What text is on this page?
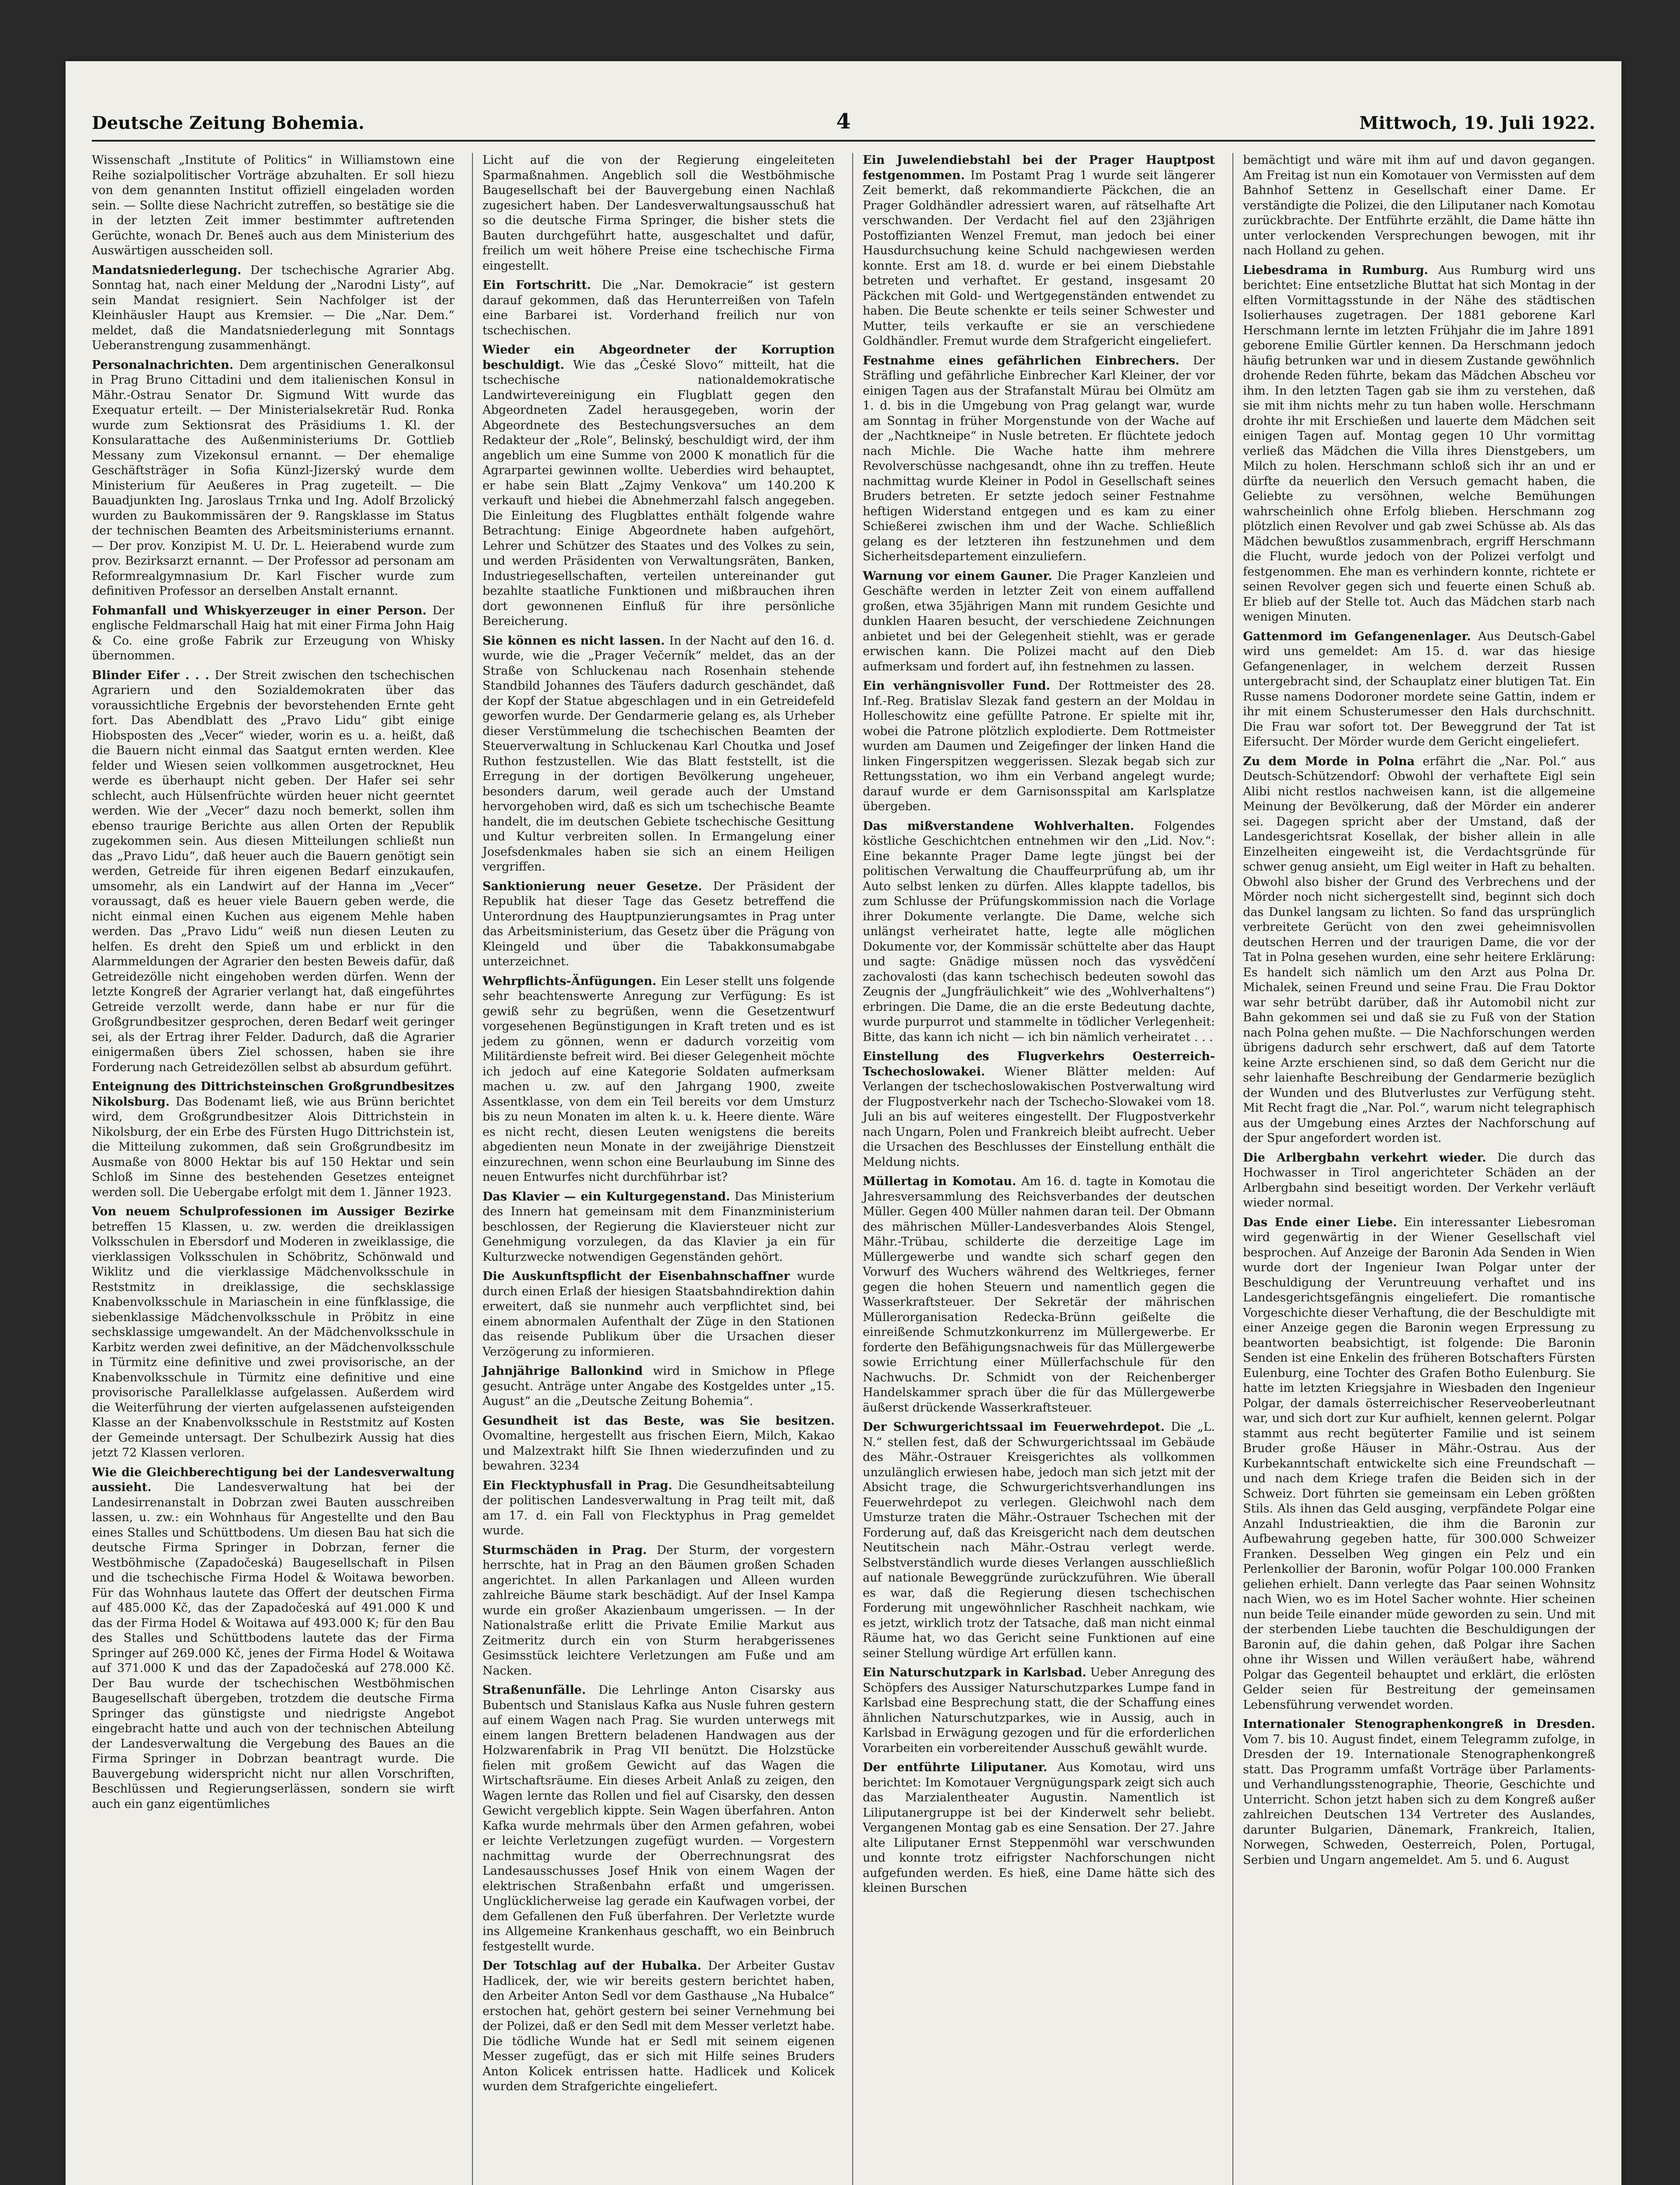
Deutsche Zeitung Bohemia.	4	Mittwoch, 19. Juli 1922.

Wissenschaft „Institute of Politics“ in Williamstown eine Reihe sozialpolitischer Vorträge abzuhalten. Er soll hiezu von dem genannten Institut offiziell eingeladen worden sein. — Sollte diese Nachricht zutreffen, so bestätige sie die in der letzten Zeit immer bestimmter auftretenden Gerüchte, wonach Dr. Beneš auch aus dem Ministerium des Auswärtigen ausscheiden soll.

Mandatsniederlegung. Der tschechische Agrarier Abg. Sonntag hat, nach einer Meldung der „Narodni Listy“, auf sein Mandat resigniert. Sein Nachfolger ist der Kleinhäusler Haupt aus Kremsier. — Die „Nar. Dem.“ meldet, daß die Mandatsniederlegung mit Sonntags Ueberanstrengung zusammenhängt.

Personalnachrichten. Dem argentinischen Generalkonsul in Prag Bruno Cittadini und dem italienischen Konsul in Mähr.-Ostrau Senator Dr. Sigmund Witt wurde das Exequatur erteilt. — Der Ministerialsekretär Rud. Ronka wurde zum Sektionsrat des Präsidiums 1. Kl. der Konsularattache des Außenministeriums Dr. Gottlieb Messany zum Vizekonsul ernannt. — Der ehemalige Geschäftsträger in Sofia Künzl-Jizerský wurde dem Ministerium für Aeußeres in Prag zugeteilt. — Die Bauadjunkten Ing. Jaroslaus Trnka und Ing. Adolf Brzolický wurden zu Baukommissären der 9. Rangsklasse im Status der technischen Beamten des Arbeitsministeriums ernannt. — Der prov. Konzipist M. U. Dr. L. Heierabend wurde zum prov. Bezirksarzt ernannt. — Der Professor ad personam am Reformrealgymnasium Dr. Karl Fischer wurde zum definitiven Professor an derselben Anstalt ernannt.

Fohmanfall und Whiskyerzeuger in einer Person. Der englische Feldmarschall Haig hat mit einer Firma John Haig & Co. eine große Fabrik zur Erzeugung von Whisky übernommen.

Blinder Eifer . . . Der Streit zwischen den tschechischen Agrariern und den Sozialdemokraten über das voraussichtliche Ergebnis der bevorstehenden Ernte geht fort. Das Abendblatt des „Pravo Lidu“ gibt einige Hiobsposten des „Vecer“ wieder, worin es u. a. heißt, daß die Bauern nicht einmal das Saatgut ernten werden. Klee felder und Wiesen seien vollkommen ausgetrocknet, Heu werde es überhaupt nicht geben. Der Hafer sei sehr schlecht, auch Hülsenfrüchte würden heuer nicht geerntet werden. Wie der „Vecer“ dazu noch bemerkt, sollen ihm ebenso traurige Berichte aus allen Orten der Republik zugekommen sein. Aus diesen Mitteilungen schließt nun das „Pravo Lidu“, daß heuer auch die Bauern genötigt sein werden, Getreide für ihren eigenen Bedarf einzukaufen, umsomehr, als ein Landwirt auf der Hanna im „Vecer“ voraussagt, daß es heuer viele Bauern geben werde, die nicht einmal einen Kuchen aus eigenem Mehle haben werden. Das „Pravo Lidu“ weiß nun diesen Leuten zu helfen. Es dreht den Spieß um und erblickt in den Alarmmeldungen der Agrarier den besten Beweis dafür, daß Getreidezölle nicht eingehoben werden dürfen. Wenn der letzte Kongreß der Agrarier verlangt hat, daß eingeführtes Getreide verzollt werde, dann habe er nur für die Großgrundbesitzer gesprochen, deren Bedarf weit geringer sei, als der Ertrag ihrer Felder. Dadurch, daß die Agrarier einigermaßen übers Ziel schossen, haben sie ihre Forderung nach Getreidezöllen selbst ab absurdum geführt.

Enteignung des Dittrichsteinschen Großgrundbesitzes Nikolsburg. Das Bodenamt ließ, wie aus Brünn berichtet wird, dem Großgrundbesitzer Alois Dittrichstein in Nikolsburg, der ein Erbe des Fürsten Hugo Dittrichstein ist, die Mitteilung zukommen, daß sein Großgrundbesitz im Ausmaße von 8000 Hektar bis auf 150 Hektar und sein Schloß im Sinne des bestehenden Gesetzes enteignet werden soll. Die Uebergabe erfolgt mit dem 1. Jänner 1923.

Von neuem Schulprofessionen im Aussiger Bezirke betreffen 15 Klassen, u. zw. werden die dreiklassigen Volksschulen in Ebersdorf und Moderen in zweiklassige, die vierklassigen Volksschulen in Schöbritz, Schönwald und Wiklitz und die vierklassige Mädchenvolksschule in Reststmitz in dreiklassige, die sechsklassige Knabenvolksschule in Mariaschein in eine fünfklassige, die siebenklassige Mädchenvolksschule in Pröbitz in eine sechsklassige umgewandelt. An der Mädchenvolksschule in Karbitz werden zwei definitive, an der Mädchenvolksschule in Türmitz eine definitive und zwei provisorische, an der Knabenvolksschule in Türmitz eine definitive und eine provisorische Parallelklasse aufgelassen. Außerdem wird die Weiterführung der vierten aufgelassenen aufsteigenden Klasse an der Knabenvolksschule in Reststmitz auf Kosten der Gemeinde untersagt. Der Schulbezirk Aussig hat dies jetzt 72 Klassen verloren.

Wie die Gleichberechtigung bei der Landesverwaltung aussieht. Die Landesverwaltung hat bei der Landesirrenanstalt in Dobrzan zwei Bauten ausschreiben lassen, u. zw.: ein Wohnhaus für Angestellte und den Bau eines Stalles und Schüttbodens. Um diesen Bau hat sich die deutsche Firma Springer in Dobrzan, ferner die Westböhmische (Zapadočeská) Baugesellschaft in Pilsen und die tschechische Firma Hodel & Woitawa beworben. Für das Wohnhaus lautete das Offert der deutschen Firma auf 485.000 Kč, das der Zapadočeská auf 491.000 K und das der Firma Hodel & Woitawa auf 493.000 K; für den Bau des Stalles und Schüttbodens lautete das der Firma Springer auf 269.000 Kč, jenes der Firma Hodel & Woitawa auf 371.000 K und das der Zapadočeská auf 278.000 Kč. Der Bau wurde der tschechischen Westböhmischen Baugesellschaft übergeben, trotzdem die deutsche Firma Springer das günstigste und niedrigste Angebot eingebracht hatte und auch von der technischen Abteilung der Landesverwaltung die Vergebung des Baues an die Firma Springer in Dobrzan beantragt wurde. Die Bauvergebung widerspricht nicht nur allen Vorschriften, Beschlüssen und Regierungserlässen, sondern sie wirft auch ein ganz eigentümliches

Licht auf die von der Regierung eingeleiteten Sparmaßnahmen. Angeblich soll die Westböhmische Baugesellschaft bei der Bauvergebung einen Nachlaß zugesichert haben. Der Landesverwaltungsausschuß hat so die deutsche Firma Springer, die bisher stets die Bauten durchgeführt hatte, ausgeschaltet und dafür, freilich um weit höhere Preise eine tschechische Firma eingestellt.

Ein Fortschritt. Die „Nar. Demokracie“ ist gestern darauf gekommen, daß das Herunterreißen von Tafeln eine Barbarei ist. Vorderhand freilich nur von tschechischen.

Wieder ein Abgeordneter der Korruption beschuldigt. Wie das „České Slovo“ mitteilt, hat die tschechische nationaldemokratische Landwirtevereinigung ein Flugblatt gegen den Abgeordneten Zadel herausgegeben, worin der Abgeordnete des Bestechungsversuches an dem Redakteur der „Role“, Belinský, beschuldigt wird, der ihm angeblich um eine Summe von 2000 K monatlich für die Agrarpartei gewinnen wollte. Ueberdies wird behauptet, er habe sein Blatt „Zajmy Venkova“ um 140.200 K verkauft und hiebei die Abnehmerzahl falsch angegeben. Die Einleitung des Flugblattes enthält folgende wahre Betrachtung: Einige Abgeordnete haben aufgehört, Lehrer und Schützer des Staates und des Volkes zu sein, und werden Präsidenten von Verwaltungsräten, Banken, Industriegesellschaften, verteilen untereinander gut bezahlte staatliche Funktionen und mißbrauchen ihren dort gewonnenen Einfluß für ihre persönliche Bereicherung.

Sie können es nicht lassen. In der Nacht auf den 16. d. wurde, wie die „Prager Večerník“ meldet, das an der Straße von Schluckenau nach Rosenhain stehende Standbild Johannes des Täufers dadurch geschändet, daß der Kopf der Statue abgeschlagen und in ein Getreidefeld geworfen wurde. Der Gendarmerie gelang es, als Urheber dieser Verstümmelung die tschechischen Beamten der Steuerverwaltung in Schluckenau Karl Choutka und Josef Ruthon festzustellen. Wie das Blatt feststellt, ist die Erregung in der dortigen Bevölkerung ungeheuer, besonders darum, weil gerade auch der Umstand hervorgehoben wird, daß es sich um tschechische Beamte handelt, die im deutschen Gebiete tschechische Gesittung und Kultur verbreiten sollen. In Ermangelung einer Josefsdenkmales haben sie sich an einem Heiligen vergriffen.

Sanktionierung neuer Gesetze. Der Präsident der Republik hat dieser Tage das Gesetz betreffend die Unterordnung des Hauptpunzierungsamtes in Prag unter das Arbeitsministerium, das Gesetz über die Prägung von Kleingeld und über die Tabakkonsumabgabe unterzeichnet.

Wehrpflichts-Änfügungen. Ein Leser stellt uns folgende sehr beachtenswerte Anregung zur Verfügung: Es ist gewiß sehr zu begrüßen, wenn die Gesetzentwurf vorgesehenen Begünstigungen in Kraft treten und es ist jedem zu gönnen, wenn er dadurch vorzeitig vom Militärdienste befreit wird. Bei dieser Gelegenheit möchte ich jedoch auf eine Kategorie Soldaten aufmerksam machen u. zw. auf den Jahrgang 1900, zweite Assentklasse, von dem ein Teil bereits vor dem Umsturz bis zu neun Monaten im alten k. u. k. Heere diente. Wäre es nicht recht, diesen Leuten wenigstens die bereits abgedienten neun Monate in der zweijährige Dienstzeit einzurechnen, wenn schon eine Beurlaubung im Sinne des neuen Entwurfes nicht durchführbar ist?

Das Klavier — ein Kulturgegenstand. Das Ministerium des Innern hat gemeinsam mit dem Finanzministerium beschlossen, der Regierung die Klaviersteuer nicht zur Genehmigung vorzulegen, da das Klavier ja ein für Kulturzwecke notwendigen Gegenständen gehört.

Die Auskunftspflicht der Eisenbahnschaffner wurde durch einen Erlaß der hiesigen Staatsbahndirektion dahin erweitert, daß sie nunmehr auch verpflichtet sind, bei einem abnormalen Aufenthalt der Züge in den Stationen das reisende Publikum über die Ursachen dieser Verzögerung zu informieren.

Jahnjährige Ballonkind wird in Smichow in Pflege gesucht. Anträge unter Angabe des Kostgeldes unter „15. August“ an die „Deutsche Zeitung Bohemia“.

Gesundheit ist das Beste, was Sie besitzen. Ovomaltine, hergestellt aus frischen Eiern, Milch, Kakao und Malzextrakt hilft Sie Ihnen wiederzufinden und zu bewahren. 3234

Ein Flecktyphusfall in Prag. Die Gesundheitsabteilung der politischen Landesverwaltung in Prag teilt mit, daß am 17. d. ein Fall von Flecktyphus in Prag gemeldet wurde.

Sturmschäden in Prag. Der Sturm, der vorgestern herrschte, hat in Prag an den Bäumen großen Schaden angerichtet. In allen Parkanlagen und Alleen wurden zahlreiche Bäume stark beschädigt. Auf der Insel Kampa wurde ein großer Akazienbaum umgerissen. — In der Nationalstraße erlitt die Private Emilie Markut aus Zeitmeritz durch ein von Sturm herabgerissenes Gesimsstück leichtere Verletzungen am Fuße und am Nacken.

Straßenunfälle. Die Lehrlinge Anton Cisarsky aus Bubentsch und Stanislaus Kafka aus Nusle fuhren gestern auf einem Wagen nach Prag. Sie wurden unterwegs mit einem langen Brettern beladenen Handwagen aus der Holzwarenfabrik in Prag VII benützt. Die Holzstücke fielen mit großem Gewicht auf das Wagen die Wirtschaftsräume. Ein dieses Arbeit Anlaß zu zeigen, den Wagen lernte das Rollen und fiel auf Cisarsky, den dessen Gewicht vergeblich kippte. Sein Wagen überfahren. Anton Kafka wurde mehrmals über den Armen gefahren, wobei er leichte Verletzungen zugefügt wurden. — Vorgestern nachmittag wurde der Oberrechnungsrat des Landesausschusses Josef Hnik von einem Wagen der elektrischen Straßenbahn erfaßt und umgerissen. Unglücklicherweise lag gerade ein Kaufwagen vorbei, der dem Gefallenen den Fuß überfahren. Der Verletzte wurde ins Allgemeine Krankenhaus geschafft, wo ein Beinbruch festgestellt wurde.

Der Totschlag auf der Hubalka. Der Arbeiter Gustav Hadlicek, der, wie wir bereits gestern berichtet haben, den Arbeiter Anton Sedl vor dem Gasthause „Na Hubalce“ erstochen hat, gehört gestern bei seiner Vernehmung bei der Polizei, daß er den Sedl mit dem Messer verletzt habe. Die tödliche Wunde hat er Sedl mit seinem eigenen Messer zugefügt, das er sich mit Hilfe seines Bruders Anton Kolicek entrissen hatte. Hadlicek und Kolicek wurden dem Strafgerichte eingeliefert.

Ein Juwelendiebstahl bei der Prager Hauptpost festgenommen. Im Postamt Prag 1 wurde seit längerer Zeit bemerkt, daß rekommandierte Päckchen, die an Prager Goldhändler adressiert waren, auf rätselhafte Art verschwanden. Der Verdacht fiel auf den 23jährigen Postoffizianten Wenzel Fremut, man jedoch bei einer Hausdurchsuchung keine Schuld nachgewiesen werden konnte. Erst am 18. d. wurde er bei einem Diebstahle betreten und verhaftet. Er gestand, insgesamt 20 Päckchen mit Gold- und Wertgegenständen entwendet zu haben. Die Beute schenkte er teils seiner Schwester und Mutter, teils verkaufte er sie an verschiedene Goldhändler. Fremut wurde dem Strafgericht eingeliefert.

Festnahme eines gefährlichen Einbrechers. Der Sträfling und gefährliche Einbrecher Karl Kleiner, der vor einigen Tagen aus der Strafanstalt Mürau bei Olmütz am 1. d. bis in die Umgebung von Prag gelangt war, wurde am Sonntag in früher Morgenstunde von der Wache auf der „Nachtkneipe“ in Nusle betreten. Er flüchtete jedoch nach Michle. Die Wache hatte ihm mehrere Revolverschüsse nachgesandt, ohne ihn zu treffen. Heute nachmittag wurde Kleiner in Podol in Gesellschaft seines Bruders betreten. Er setzte jedoch seiner Festnahme heftigen Widerstand entgegen und es kam zu einer Schießerei zwischen ihm und der Wache. Schließlich gelang es der letzteren ihn festzunehmen und dem Sicherheitsdepartement einzuliefern.

Warnung vor einem Gauner. Die Prager Kanzleien und Geschäfte werden in letzter Zeit von einem auffallend großen, etwa 35jährigen Mann mit rundem Gesichte und dunklen Haaren besucht, der verschiedene Zeichnungen anbietet und bei der Gelegenheit stiehlt, was er gerade erwischen kann. Die Polizei macht auf den Dieb aufmerksam und fordert auf, ihn festnehmen zu lassen.

Ein verhängnisvoller Fund. Der Rottmeister des 28. Inf.-Reg. Bratislav Slezak fand gestern an der Moldau in Holleschowitz eine gefüllte Patrone. Er spielte mit ihr, wobei die Patrone plötzlich explodierte. Dem Rottmeister wurden am Daumen und Zeigefinger der linken Hand die linken Fingerspitzen weggerissen. Slezak begab sich zur Rettungsstation, wo ihm ein Verband angelegt wurde; darauf wurde er dem Garnisonsspital am Karlsplatze übergeben.

Das mißverstandene Wohlverhalten. Folgendes köstliche Geschichtchen entnehmen wir den „Lid. Nov.“: Eine bekannte Prager Dame legte jüngst bei der politischen Verwaltung die Chauffeurprüfung ab, um ihr Auto selbst lenken zu dürfen. Alles klappte tadellos, bis zum Schlusse der Prüfungskommission nach die Vorlage ihrer Dokumente verlangte. Die Dame, welche sich unlängst verheiratet hatte, legte alle möglichen Dokumente vor, der Kommissär schüttelte aber das Haupt und sagte: Gnädige müssen noch das vysvědčení zachovalosti (das kann tschechisch bedeuten sowohl das Zeugnis der „Jungfräulichkeit“ wie des „Wohlverhaltens“) erbringen. Die Dame, die an die erste Bedeutung dachte, wurde purpurrot und stammelte in tödlicher Verlegenheit: Bitte, das kann ich nicht — ich bin nämlich verheiratet . . .

Einstellung des Flugverkehrs Oesterreich-Tschechoslowakei. Wiener Blätter melden: Auf Verlangen der tschechoslowakischen Postverwaltung wird der Flugpostverkehr nach der Tschecho-Slowakei vom 18. Juli an bis auf weiteres eingestellt. Der Flugpostverkehr nach Ungarn, Polen und Frankreich bleibt aufrecht. Ueber die Ursachen des Beschlusses der Einstellung enthält die Meldung nichts.

Müllertag in Komotau. Am 16. d. tagte in Komotau die Jahresversammlung des Reichsverbandes der deutschen Müller. Gegen 400 Müller nahmen daran teil. Der Obmann des mährischen Müller-Landesverbandes Alois Stengel, Mähr.-Trübau, schilderte die derzeitige Lage im Müllergewerbe und wandte sich scharf gegen den Vorwurf des Wuchers während des Weltkrieges, ferner gegen die hohen Steuern und namentlich gegen die Wasserkraftsteuer. Der Sekretär der mährischen Müllerorganisation Redecka-Brünn geißelte die einreißende Schmutzkonkurrenz im Müllergewerbe. Er forderte den Befähigungsnachweis für das Müllergewerbe sowie Errichtung einer Müllerfachschule für den Nachwuchs. Dr. Schmidt von der Reichenberger Handelskammer sprach über die für das Müllergewerbe äußerst drückende Wasserkraftsteuer.

Der Schwurgerichtssaal im Feuerwehrdepot. Die „L. N.“ stellen fest, daß der Schwurgerichtssaal im Gebäude des Mähr.-Ostrauer Kreisgerichtes als vollkommen unzulänglich erwiesen habe, jedoch man sich jetzt mit der Absicht trage, die Schwurgerichtsverhandlungen ins Feuerwehrdepot zu verlegen. Gleichwohl nach dem Umsturze traten die Mähr.-Ostrauer Tschechen mit der Forderung auf, daß das Kreisgericht nach dem deutschen Neutitschein nach Mähr.-Ostrau verlegt werde. Selbstverständlich wurde dieses Verlangen ausschließlich auf nationale Beweggründe zurückzuführen. Wie überall es war, daß die Regierung diesen tschechischen Forderung mit ungewöhnlicher Raschheit nachkam, wie es jetzt, wirklich trotz der Tatsache, daß man nicht einmal Räume hat, wo das Gericht seine Funktionen auf eine seiner Stellung würdige Art erfüllen kann.

Ein Naturschutzpark in Karlsbad. Ueber Anregung des Schöpfers des Aussiger Naturschutzparkes Lumpe fand in Karlsbad eine Besprechung statt, die der Schaffung eines ähnlichen Naturschutzparkes, wie in Aussig, auch in Karlsbad in Erwägung gezogen und für die erforderlichen Vorarbeiten ein vorbereitender Ausschuß gewählt wurde.

Der entführte Liliputaner. Aus Komotau, wird uns berichtet: Im Komotauer Vergnügungspark zeigt sich auch das Marzialentheater Augustin. Namentlich ist Liliputanergruppe ist bei der Kinderwelt sehr beliebt. Vergangenen Montag gab es eine Sensation. Der 27. Jahre alte Liliputaner Ernst Steppenmöhl war verschwunden und konnte trotz eifrigster Nachforschungen nicht aufgefunden werden. Es hieß, eine Dame hätte sich des kleinen Burschen

bemächtigt und wäre mit ihm auf und davon gegangen. Am Freitag ist nun ein Komotauer von Vermissten auf dem Bahnhof Settenz in Gesellschaft einer Dame. Er verständigte die Polizei, die den Liliputaner nach Komotau zurückbrachte. Der Entführte erzählt, die Dame hätte ihn unter verlockenden Versprechungen bewogen, mit ihr nach Holland zu gehen.

Liebesdrama in Rumburg. Aus Rumburg wird uns berichtet: Eine entsetzliche Bluttat hat sich Montag in der elften Vormittagsstunde in der Nähe des städtischen Isolierhauses zugetragen. Der 1881 geborene Karl Herschmann lernte im letzten Frühjahr die im Jahre 1891 geborene Emilie Gürtler kennen. Da Herschmann jedoch häufig betrunken war und in diesem Zustande gewöhnlich drohende Reden führte, bekam das Mädchen Abscheu vor ihm. In den letzten Tagen gab sie ihm zu verstehen, daß sie mit ihm nichts mehr zu tun haben wolle. Herschmann drohte ihr mit Erschießen und lauerte dem Mädchen seit einigen Tagen auf. Montag gegen 10 Uhr vormittag verließ das Mädchen die Villa ihres Dienstgebers, um Milch zu holen. Herschmann schloß sich ihr an und er dürfte da neuerlich den Versuch gemacht haben, die Geliebte zu versöhnen, welche Bemühungen wahrscheinlich ohne Erfolg blieben. Herschmann zog plötzlich einen Revolver und gab zwei Schüsse ab. Als das Mädchen bewußtlos zusammenbrach, ergriff Herschmann die Flucht, wurde jedoch von der Polizei verfolgt und festgenommen. Ehe man es verhindern konnte, richtete er seinen Revolver gegen sich und feuerte einen Schuß ab. Er blieb auf der Stelle tot. Auch das Mädchen starb nach wenigen Minuten.

Gattenmord im Gefangenenlager. Aus Deutsch-Gabel wird uns gemeldet: Am 15. d. war das hiesige Gefangenenlager, in welchem derzeit Russen untergebracht sind, der Schauplatz einer blutigen Tat. Ein Russe namens Dodoroner mordete seine Gattin, indem er ihr mit einem Schusterumesser den Hals durchschnitt. Die Frau war sofort tot. Der Beweggrund der Tat ist Eifersucht. Der Mörder wurde dem Gericht eingeliefert.

Zu dem Morde in Polna erfährt die „Nar. Pol.“ aus Deutsch-Schützendorf: Obwohl der verhaftete Eigl sein Alibi nicht restlos nachweisen kann, ist die allgemeine Meinung der Bevölkerung, daß der Mörder ein anderer sei. Dagegen spricht aber der Umstand, daß der Landesgerichtsrat Kosellak, der bisher allein in alle Einzelheiten eingeweiht ist, die Verdachtsgründe für schwer genug ansieht, um Eigl weiter in Haft zu behalten. Obwohl also bisher der Grund des Verbrechens und der Mörder noch nicht sichergestellt sind, beginnt sich doch das Dunkel langsam zu lichten. So fand das ursprünglich verbreitete Gerücht von den zwei geheimnisvollen deutschen Herren und der traurigen Dame, die vor der Tat in Polna gesehen wurden, eine sehr heitere Erklärung: Es handelt sich nämlich um den Arzt aus Polna Dr. Michalek, seinen Freund und seine Frau. Die Frau Doktor war sehr betrübt darüber, daß ihr Automobil nicht zur Bahn gekommen sei und daß sie zu Fuß von der Station nach Polna gehen mußte. — Die Nachforschungen werden übrigens dadurch sehr erschwert, daß auf dem Tatorte keine Arzte erschienen sind, so daß dem Gericht nur die sehr laienhafte Beschreibung der Gendarmerie bezüglich der Wunden und des Blutverlustes zur Verfügung steht. Mit Recht fragt die „Nar. Pol.“, warum nicht telegraphisch aus der Umgebung eines Arztes der Nachforschung auf der Spur angefordert worden ist.

Die Arlbergbahn verkehrt wieder. Die durch das Hochwasser in Tirol angerichteter Schäden an der Arlbergbahn sind beseitigt worden. Der Verkehr verläuft wieder normal.

Das Ende einer Liebe. Ein interessanter Liebesroman wird gegenwärtig in der Wiener Gesellschaft viel besprochen. Auf Anzeige der Baronin Ada Senden in Wien wurde dort der Ingenieur Iwan Polgar unter der Beschuldigung der Veruntreuung verhaftet und ins Landesgerichtsgefängnis eingeliefert. Die romantische Vorgeschichte dieser Verhaftung, die der Beschuldigte mit einer Anzeige gegen die Baronin wegen Erpressung zu beantworten beabsichtigt, ist folgende: Die Baronin Senden ist eine Enkelin des früheren Botschafters Fürsten Eulenburg, eine Tochter des Grafen Botho Eulenburg. Sie hatte im letzten Kriegsjahre in Wiesbaden den Ingenieur Polgar, der damals österreichischer Reserveoberleutnant war, und sich dort zur Kur aufhielt, kennen gelernt. Polgar stammt aus recht begüterter Familie und ist seinem Bruder große Häuser in Mähr.-Ostrau. Aus der Kurbekanntschaft entwickelte sich eine Freundschaft — und nach dem Kriege trafen die Beiden sich in der Schweiz. Dort führten sie gemeinsam ein Leben größten Stils. Als ihnen das Geld ausging, verpfändete Polgar eine Anzahl Industrieaktien, die ihm die Baronin zur Aufbewahrung gegeben hatte, für 300.000 Schweizer Franken. Desselben Weg gingen ein Pelz und ein Perlenkollier der Baronin, wofür Polgar 100.000 Franken geliehen erhielt. Dann verlegte das Paar seinen Wohnsitz nach Wien, wo es im Hotel Sacher wohnte. Hier scheinen nun beide Teile einander müde geworden zu sein. Und mit der sterbenden Liebe tauchten die Beschuldigungen der Baronin auf, die dahin gehen, daß Polgar ihre Sachen ohne ihr Wissen und Willen veräußert habe, während Polgar das Gegenteil behauptet und erklärt, die erlösten Gelder seien für Bestreitung der gemeinsamen Lebensführung verwendet worden.

Internationaler Stenographenkongreß in Dresden. Vom 7. bis 10. August findet, einem Telegramm zufolge, in Dresden der 19. Internationale Stenographenkongreß statt. Das Programm umfaßt Vorträge über Parlaments- und Verhandlungsstenographie, Theorie, Geschichte und Unterricht. Schon jetzt haben sich zu dem Kongreß außer zahlreichen Deutschen 134 Vertreter des Auslandes, darunter Bulgarien, Dänemark, Frankreich, Italien, Norwegen, Schweden, Oesterreich, Polen, Portugal, Serbien und Ungarn angemeldet. Am 5. und 6. August
